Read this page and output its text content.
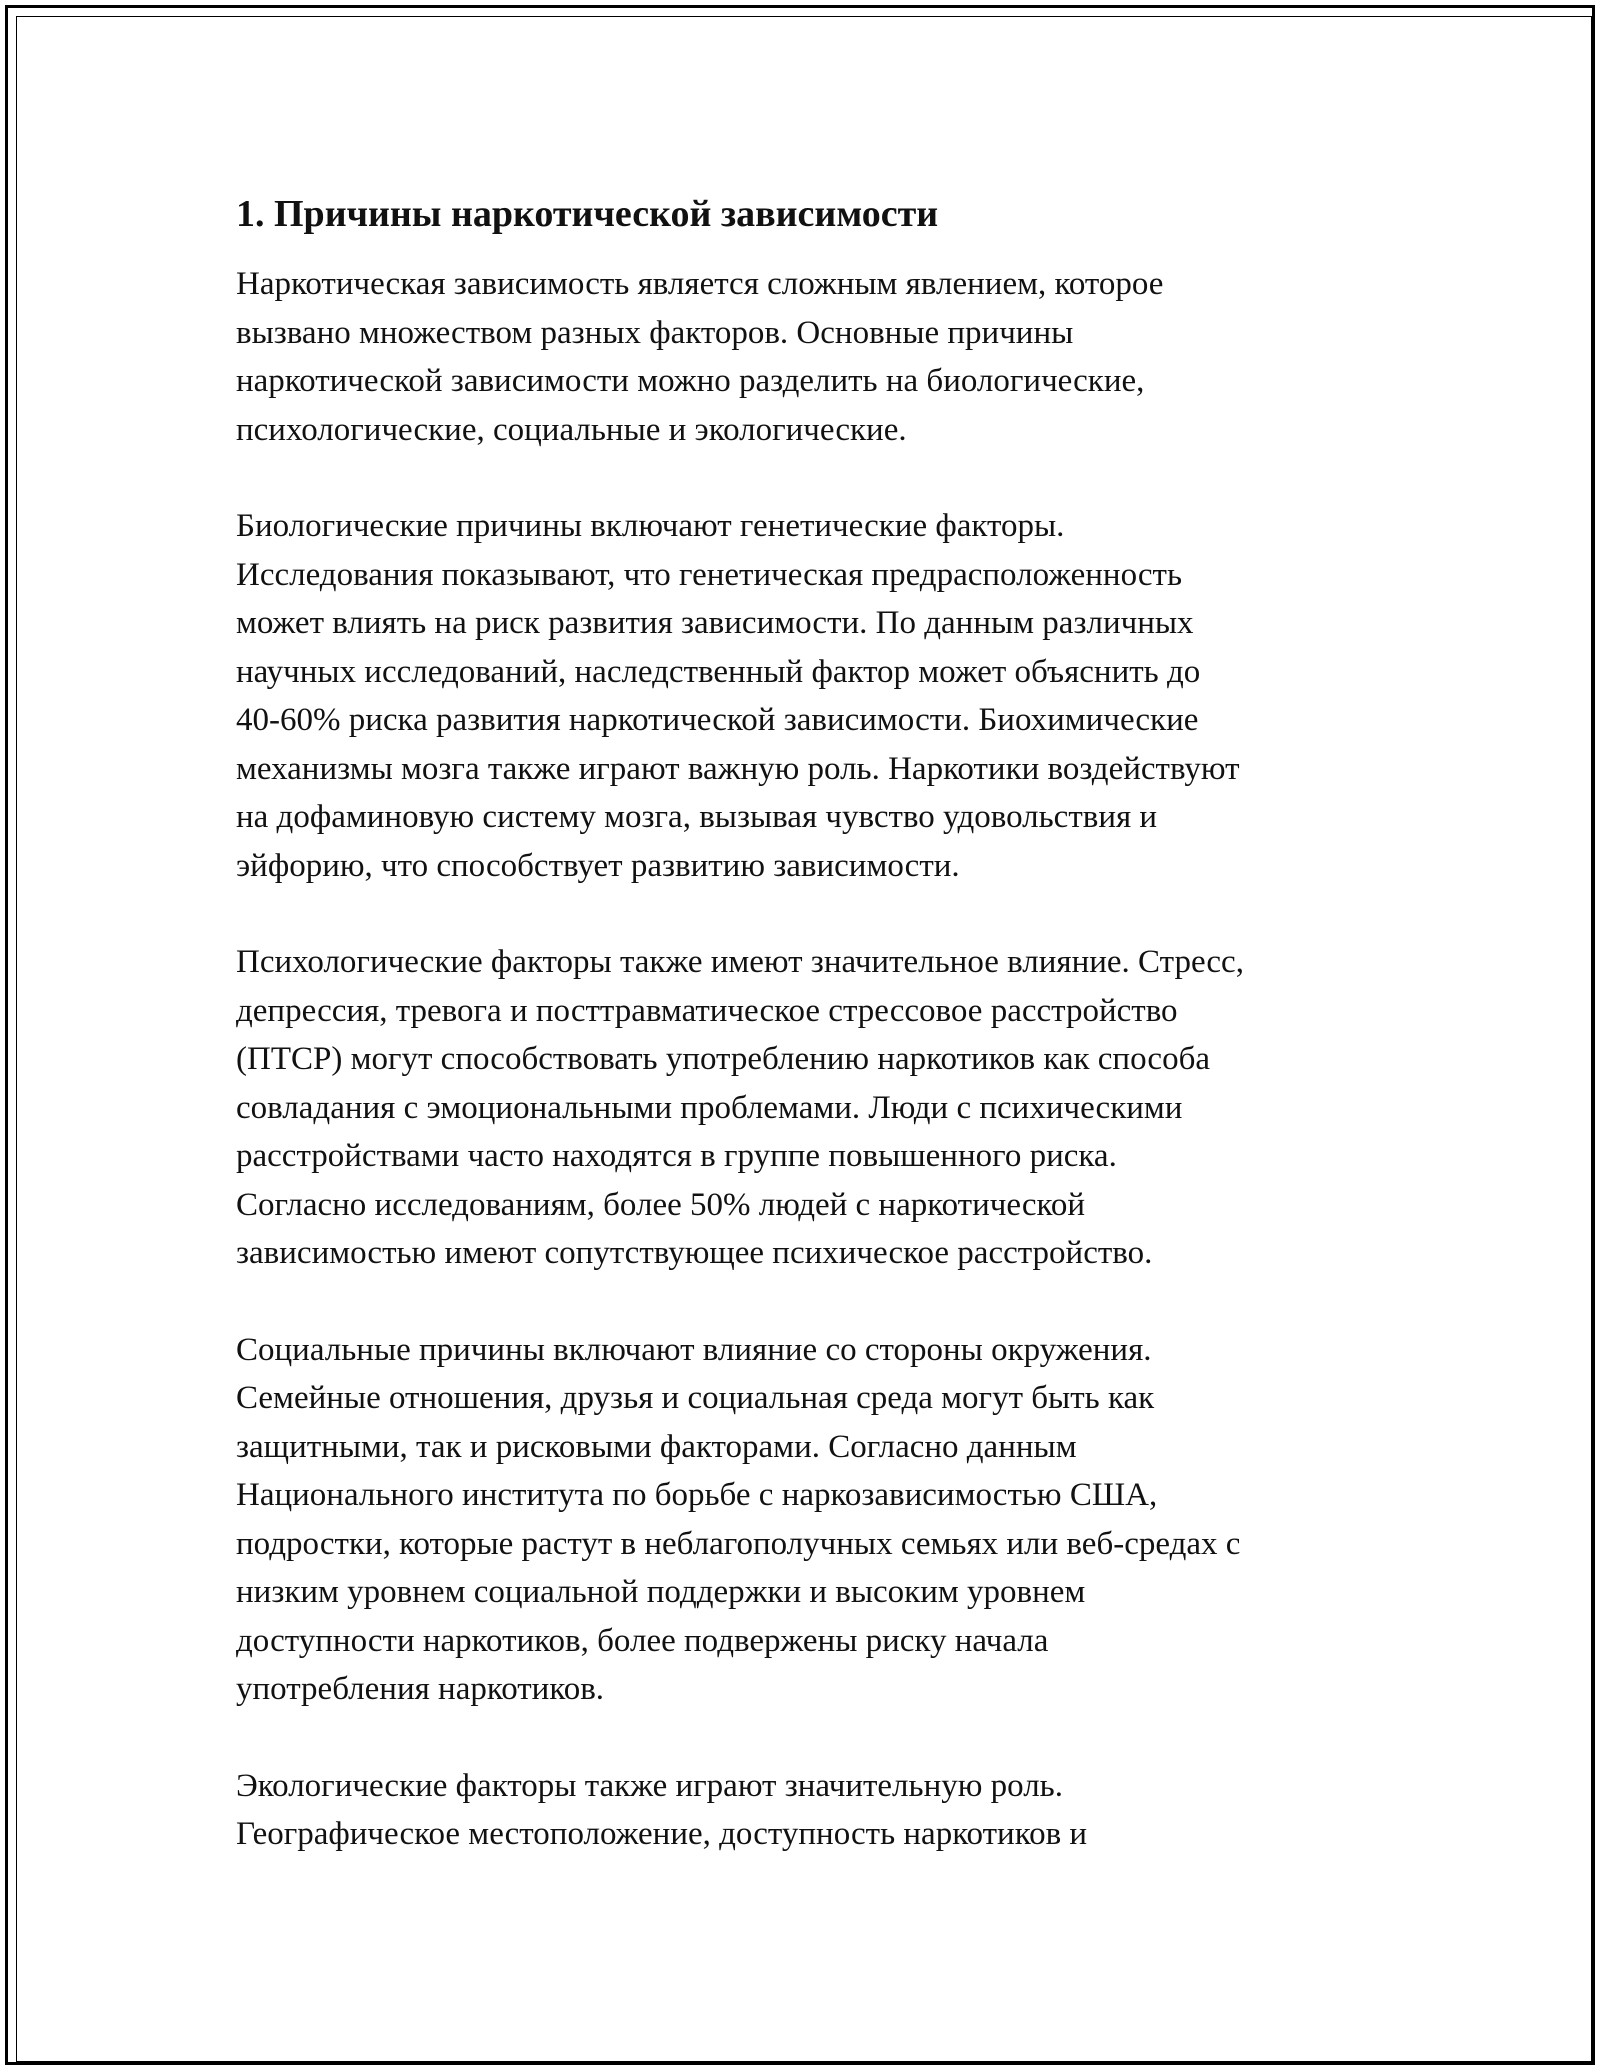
1. Причины наркотической зависимости
Наркотическая зависимость является сложным явлением, которое
вызвано множеством разных факторов. Основные причины
наркотической зависимости можно разделить на биологические,
психологические, социальные и экологические.
Биологические причины включают генетические факторы.
Исследования показывают, что генетическая предрасположенность
может влиять на риск развития зависимости. По данным различных
научных исследований, наследственный фактор может объяснить до
40-60% риска развития наркотической зависимости. Биохимические
механизмы мозга также играют важную роль. Наркотики воздействуют
на дофаминовую систему мозга, вызывая чувство удовольствия и
эйфорию, что способствует развитию зависимости.
Психологические факторы также имеют значительное влияние. Стресс,
депрессия, тревога и посттравматическое стрессовое расстройство
(ПТСР) могут способствовать употреблению наркотиков как способа
совладания с эмоциональными проблемами. Люди с психическими
расстройствами часто находятся в группе повышенного риска.
Согласно исследованиям, более 50% людей с наркотической
зависимостью имеют сопутствующее психическое расстройство.
Социальные причины включают влияние со стороны окружения.
Семейные отношения, друзья и социальная среда могут быть как
защитными, так и рисковыми факторами. Согласно данным
Национального института по борьбе с наркозависимостью США,
подростки, которые растут в неблагополучных семьях или веб-средах с
низким уровнем социальной поддержки и высоким уровнем
доступности наркотиков, более подвержены риску начала
употребления наркотиков.
Экологические факторы также играют значительную роль.
Географическое местоположение, доступность наркотиков и
